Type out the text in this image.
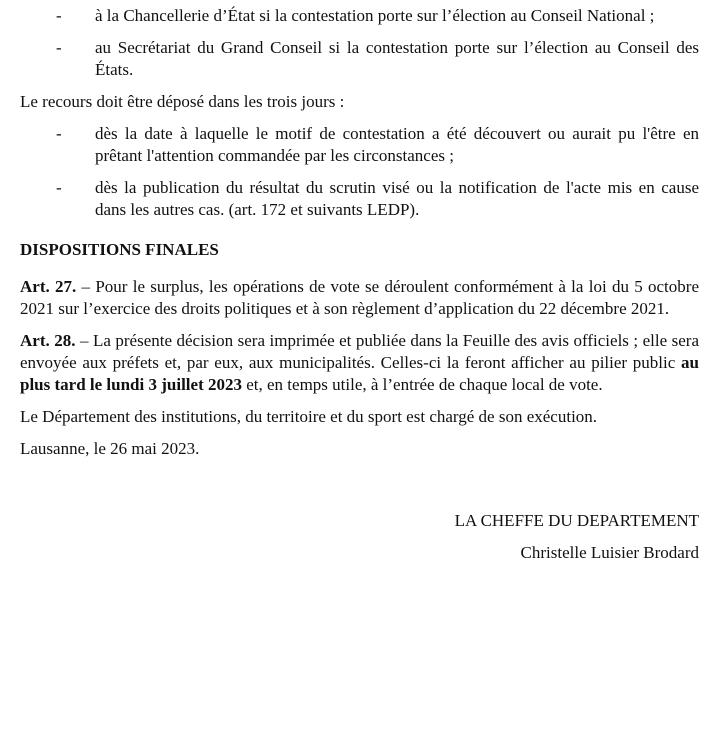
- à la Chancellerie d’État si la contestation porte sur l’élection au Conseil National ;
- au Secrétariat du Grand Conseil si la contestation porte sur l’élection au Conseil des États.
Le recours doit être déposé dans les trois jours :
- dès la date à laquelle le motif de contestation a été découvert ou aurait pu l'être en prêtant l'attention commandée par les circonstances ;
- dès la publication du résultat du scrutin visé ou la notification de l'acte mis en cause dans les autres cas. (art. 172 et suivants LEDP).
DISPOSITIONS FINALES
Art. 27. – Pour le surplus, les opérations de vote se déroulent conformément à la loi du 5 octobre 2021 sur l’exercice des droits politiques et à son règlement d’application du 22 décembre 2021.
Art. 28. – La présente décision sera imprimée et publiée dans la Feuille des avis officiels ; elle sera envoyée aux préfets et, par eux, aux municipalités. Celles-ci la feront afficher au pilier public au plus tard le lundi 3 juillet 2023 et, en temps utile, à l’entrée de chaque local de vote.
Le Département des institutions, du territoire et du sport est chargé de son exécution.
Lausanne, le 26 mai 2023.
LA CHEFFE DU DEPARTEMENT
Christelle Luisier Brodard
